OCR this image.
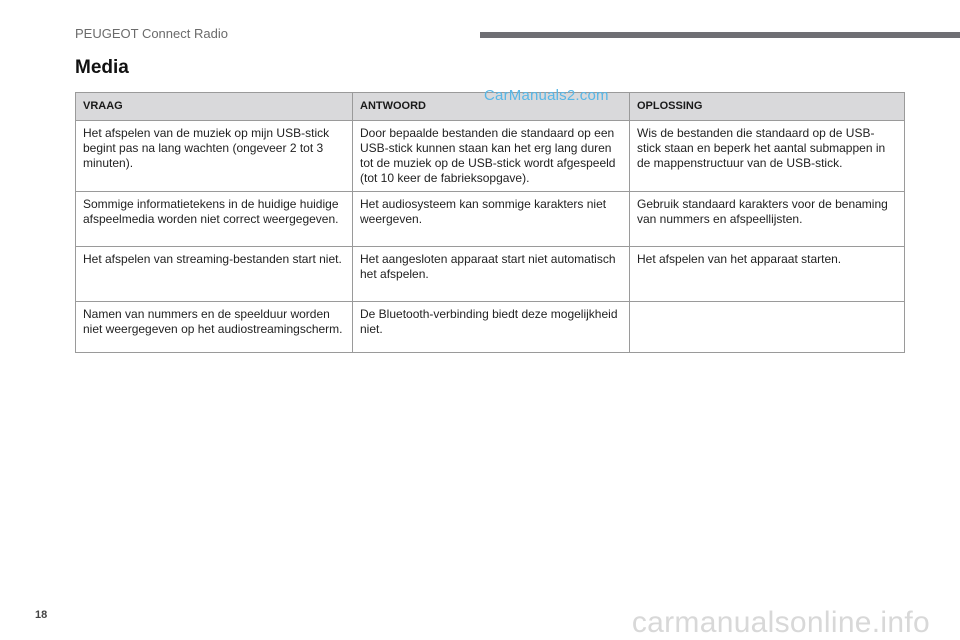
PEUGEOT Connect Radio
Media
VRAAG	ANTWOORD	OPLOSSING
Het afspelen van de muziek op mijn USB-stick begint pas na lang wachten (ongeveer 2 tot 3 minuten).	Door bepaalde bestanden die standaard op een USB-stick kunnen staan kan het erg lang duren tot de muziek op de USB-stick wordt afgespeeld (tot 10 keer de fabrieksopgave).	Wis de bestanden die standaard op de USB-stick staan en beperk het aantal submappen in de mappenstructuur van de USB-stick.
Sommige informatietekens in de huidige huidige afspeelmedia worden niet correct weergegeven.	Het audiosysteem kan sommige karakters niet weergeven.	Gebruik standaard karakters voor de benaming van nummers en afspeellijsten.
Het afspelen van streaming-bestanden start niet.	Het aangesloten apparaat start niet automatisch het afspelen.	Het afspelen van het apparaat starten.
Namen van nummers en de speelduur worden niet weergegeven op het audiostreamingscherm.	De Bluetooth-verbinding biedt deze mogelijkheid niet.	
CarManuals2.com
18	carmanualsonline.info
